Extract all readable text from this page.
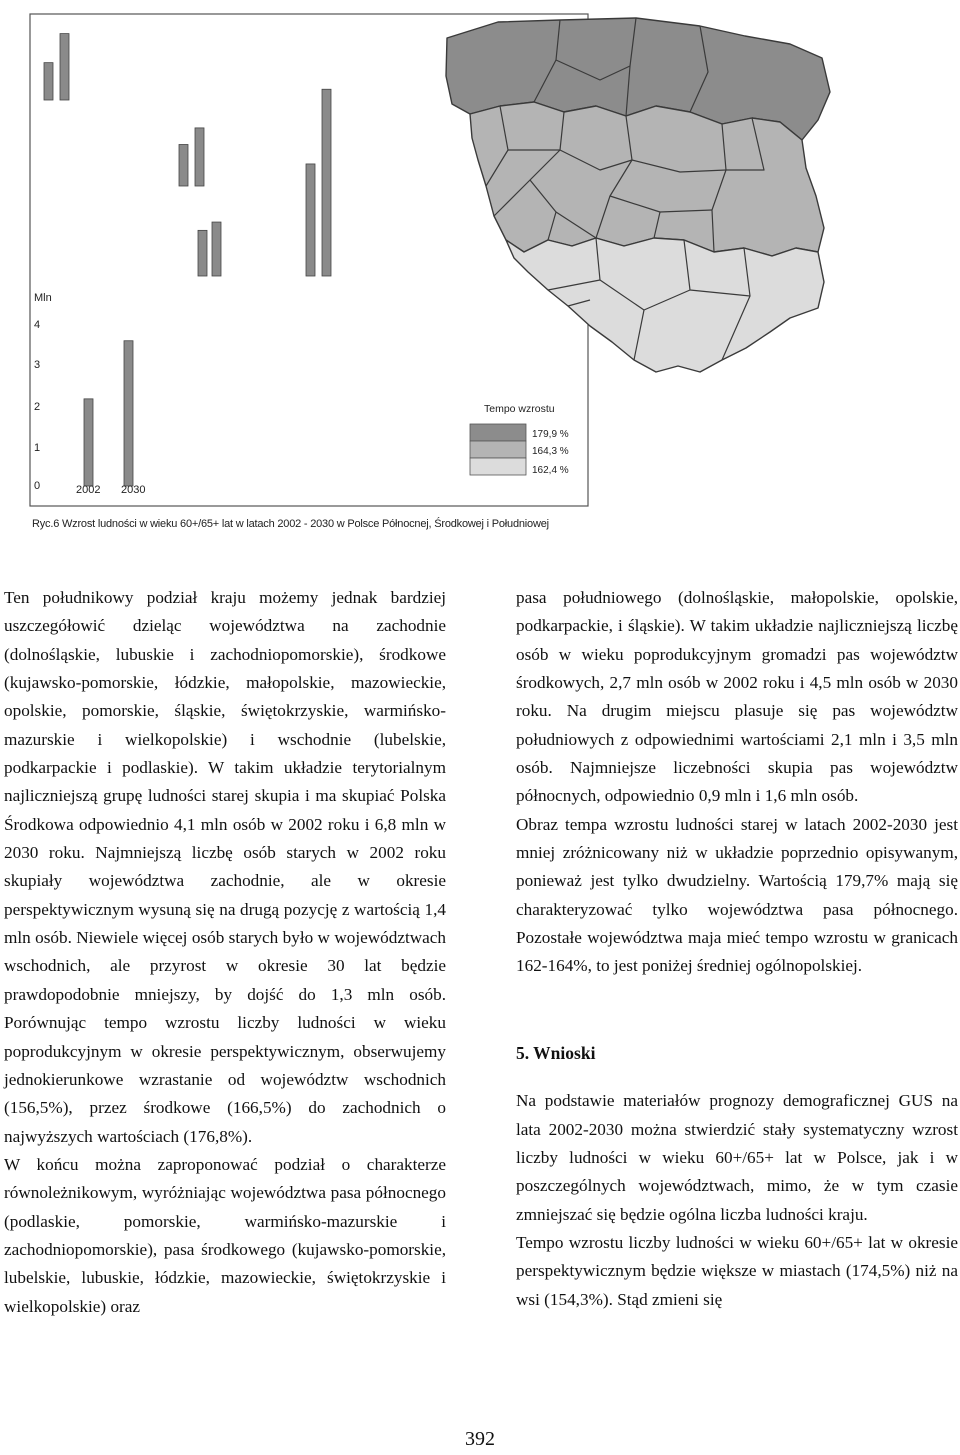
Mln
4
3
2
1
0	2002 2030
Tempo wzrostu
179,9 %
164,3 %
162,4 %
Ryc.6 Wzrost ludności w wieku 60+/65+ lat w latach 2002 - 2030 w Polsce Północnej, Środkowej i Południowej

Ten południkowy podział kraju możemy jednak bardziej uszczegółowić dzieląc województwa na zachodnie (dolnośląskie, lubuskie i zachodniopomorskie), środkowe (kujawsko-pomorskie, łódzkie, małopolskie, mazowieckie, opolskie, pomorskie, śląskie, świętokrzyskie, warmińsko-mazurskie i wielkopolskie) i wschodnie (lubelskie, podkarpackie i podlaskie). W takim układzie terytorialnym najliczniejszą grupę ludności starej skupia i ma skupiać Polska Środkowa odpowiednio 4,1 mln osób w 2002 roku i 6,8 mln w 2030 roku. Najmniejszą liczbę osób starych w 2002 roku skupiały województwa zachodnie, ale w okresie perspektywicznym wysuną się na drugą pozycję z wartością 1,4 mln osób. Niewiele więcej osób starych było w województwach wschodnich, ale przyrost w okresie 30 lat będzie prawdopodobnie mniejszy, by dojść do 1,3 mln osób. Porównując tempo wzrostu liczby ludności w wieku poprodukcyjnym w okresie perspektywicznym, obserwujemy jednokierunkowe wzrastanie od województw wschodnich (156,5%), przez środkowe (166,5%) do zachodnich o najwyższych wartościach (176,8%).

W końcu można zaproponować podział o charakterze równoleżnikowym, wyróżniając województwa pasa północnego (podlaskie, pomorskie, warmińsko-mazurskie i zachodniopomorskie), pasa środkowego (kujawsko-pomorskie, lubelskie, lubuskie, łódzkie, mazowieckie, świętokrzyskie i wielkopolskie) oraz

pasa południowego (dolnośląskie, małopolskie, opolskie, podkarpackie, i śląskie). W takim układzie najliczniejszą liczbę osób w wieku poprodukcyjnym gromadzi pas województw środkowych, 2,7 mln osób w 2002 roku i 4,5 mln osób w 2030 roku. Na drugim miejscu plasuje się pas województw południowych z odpowiednimi wartościami 2,1 mln i 3,5 mln osób. Najmniejsze liczebności skupia pas województw północnych, odpowiednio 0,9 mln i 1,6 mln osób.

Obraz tempa wzrostu ludności starej w latach 2002-2030 jest mniej zróżnicowany niż w układzie poprzednio opisywanym, ponieważ jest tylko dwudzielny. Wartością 179,7% mają się charakteryzować tylko województwa pasa północnego. Pozostałe województwa maja mieć tempo wzrostu w granicach 162-164%, to jest poniżej średniej ogólnopolskiej.

5. Wnioski

Na podstawie materiałów prognozy demograficznej GUS na lata 2002-2030 można stwierdzić stały systematyczny wzrost liczby ludności w wieku 60+/65+ lat w Polsce, jak i w poszczególnych województwach, mimo, że w tym czasie zmniejszać się będzie ogólna liczba ludności kraju.

Tempo wzrostu liczby ludności w wieku 60+/65+ lat w okresie perspektywicznym będzie większe w miastach (174,5%) niż na wsi (154,3%). Stąd zmieni się

392
